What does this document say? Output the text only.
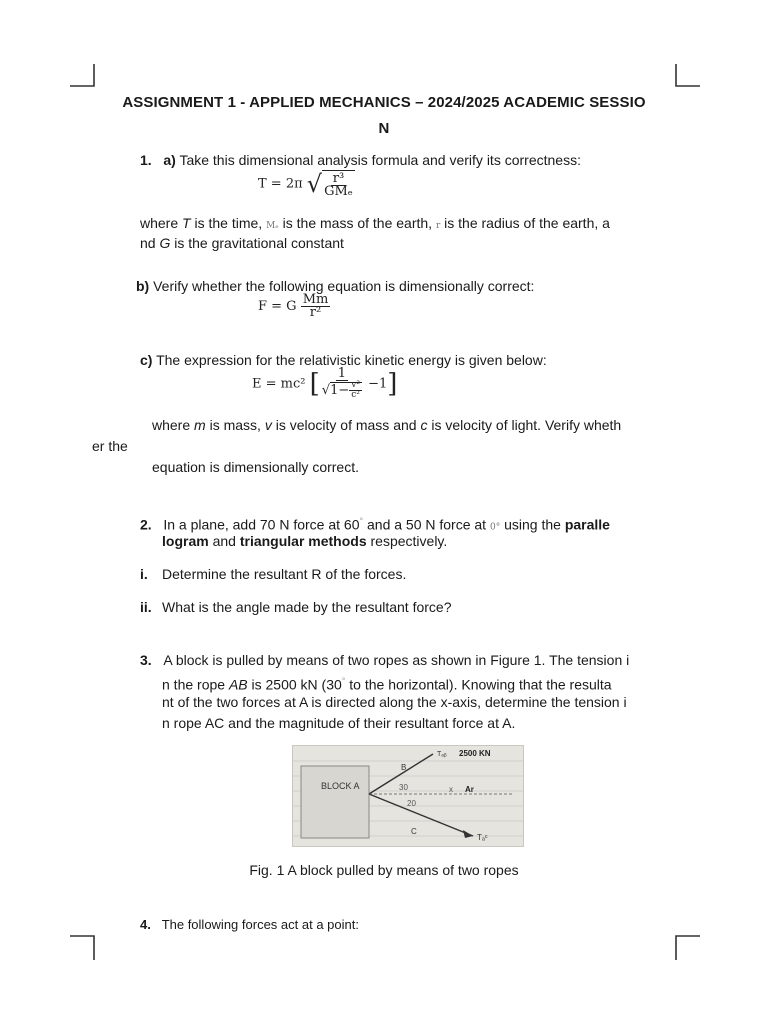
ASSIGNMENT 1 - APPLIED MECHANICS – 2024/2025 ACADEMIC SESSIO
N
1. a) Take this dimensional analysis formula and verify its correctness:
T = 2π √ $\frac{\text{r³}}{\text{GMₑ}}$
where T is the time, Mₑ is the mass of the earth, r is the radius of the earth, a
nd G is the gravitational constant
b) Verify whether the following equation is dimensionally correct:
F = G $\frac{Mm}{\text{r²}}$
c) The expression for the relativistic kinetic energy is given below:
E = mc² [ $\frac{1}{√1- \frac{\text{v²}}{\text{c²}}} -1$]
where m is mass, v is velocity of mass and c is velocity of light. Verify wheth
er the
equation is dimensionally correct.
2. In a plane, add 70 N force at 60° and a 50 N force at 0° using the paralle
logram and triangular methods respectively.
i. Determine the resultant R of the forces.
ii. What is the angle made by the resultant force?
3. A block is pulled by means of two ropes as shown in Figure 1. The tension i
n the rope AB is 2500 kN (30° to the horizontal). Knowing that the resulta
nt of the two forces at A is directed along the x-axis, determine the tension i
n rope AC and the magnitude of their resultant force at A.
BLOCK A
B
C
30
20
Tₐᵦ 2500 KN
x Ar
Tₐᶜ
Fig. 1 A block pulled by means of two ropes
4. The following forces act at a point:
